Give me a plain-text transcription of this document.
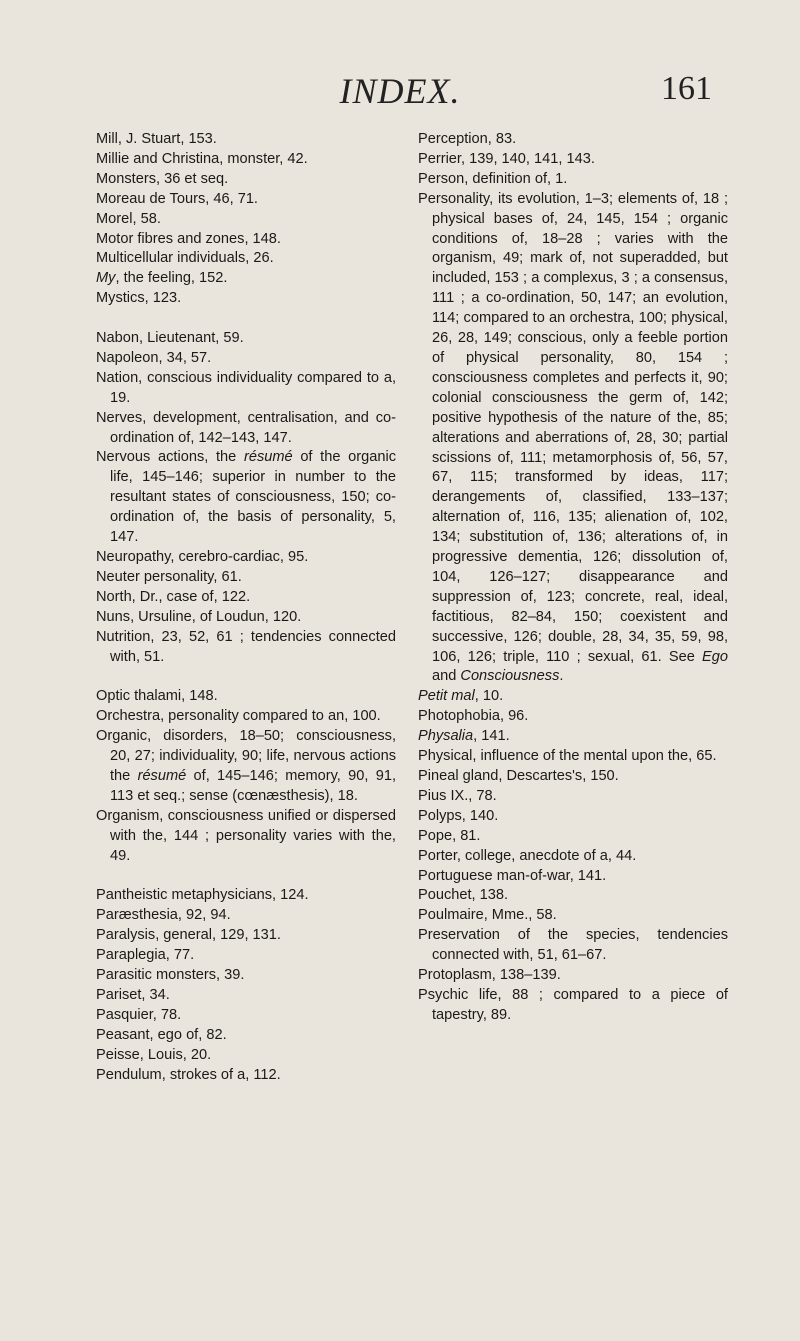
INDEX.	161
Mill, J. Stuart, 153.
Millie and Christina, monster, 42.
Monsters, 36 et seq.
Moreau de Tours, 46, 71.
Morel, 58.
Motor fibres and zones, 148.
Multicellular individuals, 26.
My, the feeling, 152.
Mystics, 123.
Nabon, Lieutenant, 59.
Napoleon, 34, 57.
Nation, conscious individuality compared to a, 19.
Nerves, development, centralisation, and co-ordination of, 142–143, 147.
Nervous actions, the résumé of the organic life, 145–146; superior in number to the resultant states of consciousness, 150; co-ordination of, the basis of personality, 5, 147.
Neuropathy, cerebro-cardiac, 95.
Neuter personality, 61.
North, Dr., case of, 122.
Nuns, Ursuline, of Loudun, 120.
Nutrition, 23, 52, 61 ; tendencies connected with, 51.
Optic thalami, 148.
Orchestra, personality compared to an, 100.
Organic, disorders, 18–50; consciousness, 20, 27; individuality, 90; life, nervous actions the résumé of, 145–146; memory, 90, 91, 113 et seq.; sense (cœnæsthesis), 18.
Organism, consciousness unified or dispersed with the, 144 ; personality varies with the, 49.
Pantheistic metaphysicians, 124.
Paræsthesia, 92, 94.
Paralysis, general, 129, 131.
Paraplegia, 77.
Parasitic monsters, 39.
Pariset, 34.
Pasquier, 78.
Peasant, ego of, 82.
Peisse, Louis, 20.
Pendulum, strokes of a, 112.
Perception, 83.
Perrier, 139, 140, 141, 143.
Person, definition of, 1.
Personality, its evolution, 1–3; elements of, 18 ; physical bases of, 24, 145, 154 ; organic conditions of, 18–28 ; varies with the organism, 49; mark of, not superadded, but included, 153 ; a complexus, 3 ; a consensus, 111 ; a co-ordination, 50, 147; an evolution, 114; compared to an orchestra, 100; physical, 26, 28, 149; conscious, only a feeble portion of physical personality, 80, 154 ; consciousness completes and perfects it, 90; colonial consciousness the germ of, 142; positive hypothesis of the nature of the, 85; alterations and aberrations of, 28, 30; partial scissions of, 111; metamorphosis of, 56, 57, 67, 115; transformed by ideas, 117; derangements of, classified, 133–137; alternation of, 116, 135; alienation of, 102, 134; substitution of, 136; alterations of, in progressive dementia, 126; dissolution of, 104, 126–127; disappearance and suppression of, 123; concrete, real, ideal, factitious, 82–84, 150; coexistent and successive, 126; double, 28, 34, 35, 59, 98, 106, 126; triple, 110 ; sexual, 61. See Ego and Consciousness.
Petit mal, 10.
Photophobia, 96.
Physalia, 141.
Physical, influence of the mental upon the, 65.
Pineal gland, Descartes's, 150.
Pius IX., 78.
Polyps, 140.
Pope, 81.
Porter, college, anecdote of a, 44.
Portuguese man-of-war, 141.
Pouchet, 138.
Poulmaire, Mme., 58.
Preservation of the species, tendencies connected with, 51, 61–67.
Protoplasm, 138–139.
Psychic life, 88 ; compared to a piece of tapestry, 89.
